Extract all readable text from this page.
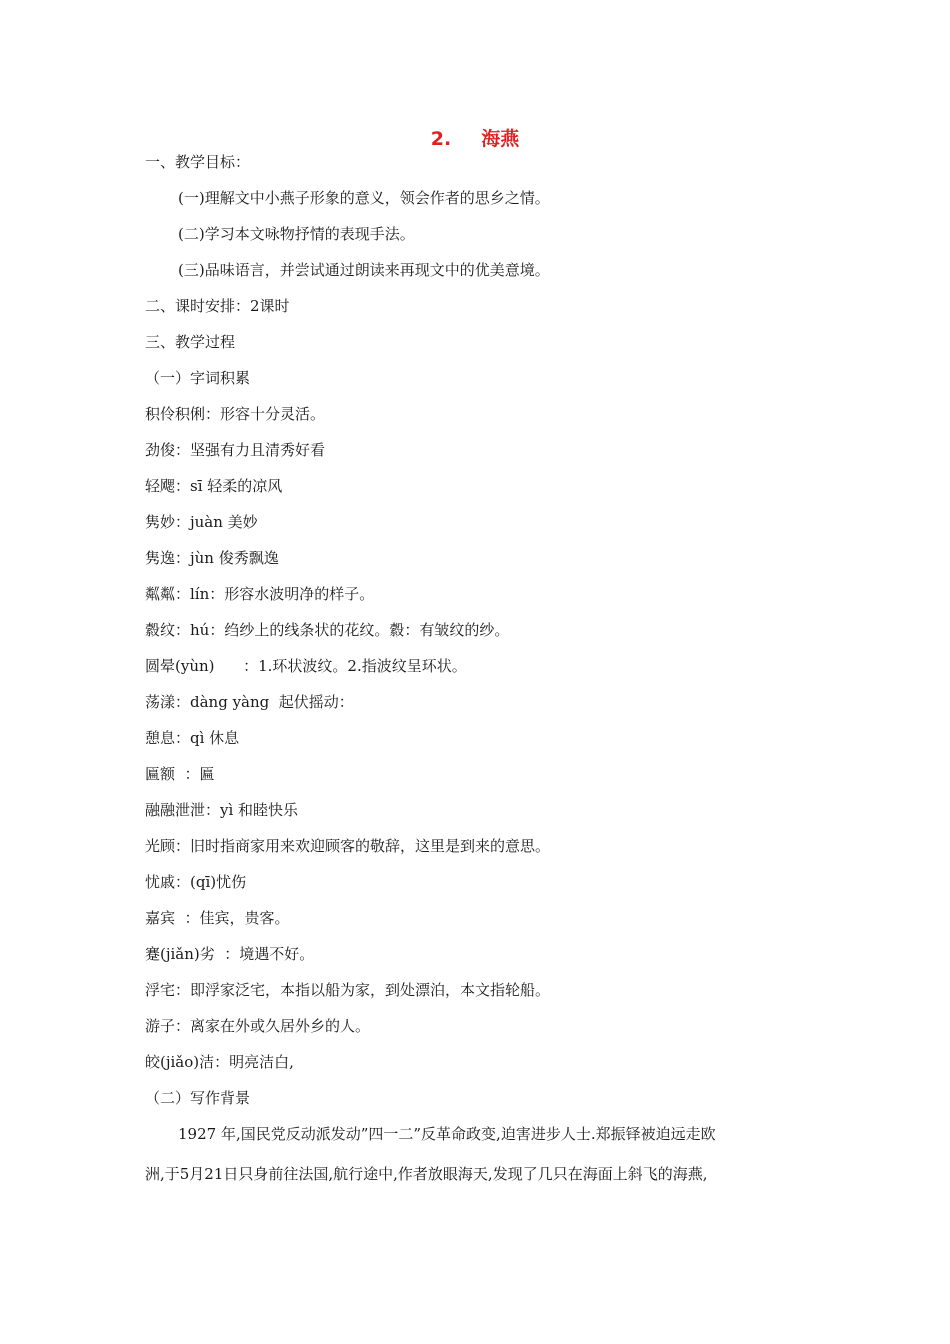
2. 海燕
一、教学目标：
(一)理解文中小燕子形象的意义，领会作者的思乡之情。
(二)学习本文咏物抒情的表现手法。
(三)品味语言，并尝试通过朗读来再现文中的优美意境。
二、课时安排：2课时
三、教学过程
（一）字词积累
积伶积俐：形容十分灵活。
劲俊：坚强有力且清秀好看
轻飔：sī 轻柔的凉风
隽妙：juàn 美妙
隽逸：jùn 俊秀飘逸
粼粼：lín：形容水波明净的样子。
縠纹：hú：绉纱上的线条状的花纹。縠：有皱纹的纱。
圆晕(yùn)      ：1.环状波纹。2.指波纹呈环状。
荡漾：dàng yàng  起伏摇动：
憩息：qì 休息
匾额  ：匾
融融泄泄：yì 和睦快乐
光顾：旧时指商家用来欢迎顾客的敬辞，这里是到来的意思。
忧戚：(qī)忧伤
嘉宾  ：佳宾，贵客。
蹇(jiǎn)劣  ：境遇不好。
浮宅：即浮家泛宅，本指以船为家，到处漂泊，本文指轮船。
游子：离家在外或久居外乡的人。
皎(jiǎo)洁：明亮洁白,
（二）写作背景
1927 年,国民党反动派发动”四一二”反革命政变,迫害进步人士.郑振铎被迫远走欧
洲,于5月21日只身前往法国,航行途中,作者放眼海天,发现了几只在海面上斜飞的海燕,
